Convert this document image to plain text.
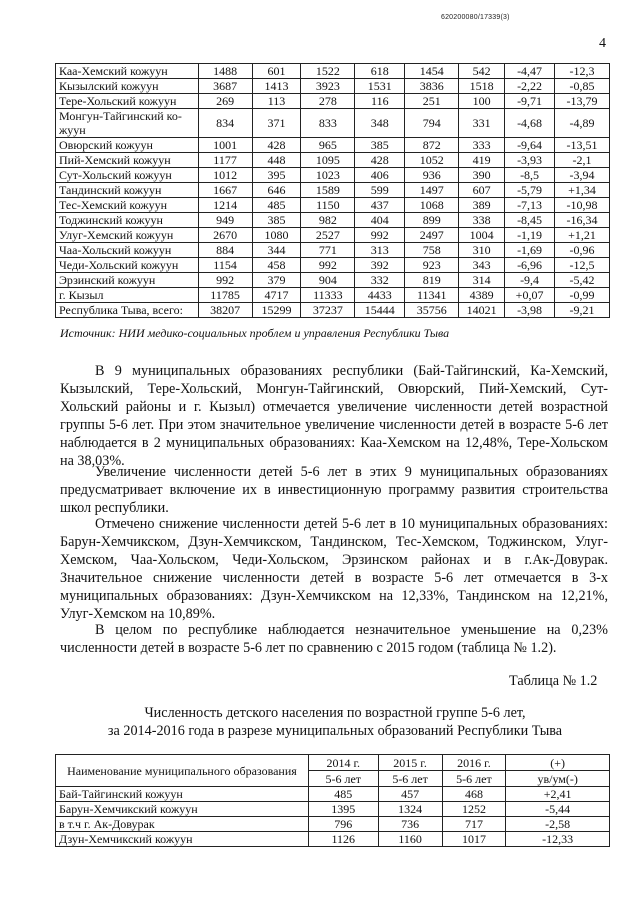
620200080/17339(3)
4
Каа-Хемский кожуун	1488	601	1522	618	1454	542	-4,47	-12,3
Кызылский кожуун	3687	1413	3923	1531	3836	1518	-2,22	-0,85
Тере-Хольский кожуун	269	113	278	116	251	100	-9,71	-13,79
Монгун-Тайгинский ко-жуун	834	371	833	348	794	331	-4,68	-4,89
Овюрский кожуун	1001	428	965	385	872	333	-9,64	-13,51
Пий-Хемский кожуун	1177	448	1095	428	1052	419	-3,93	-2,1
Сут-Хольский кожуун	1012	395	1023	406	936	390	-8,5	-3,94
Тандинский кожуун	1667	646	1589	599	1497	607	-5,79	+1,34
Тес-Хемский кожуун	1214	485	1150	437	1068	389	-7,13	-10,98
Тоджинский кожуун	949	385	982	404	899	338	-8,45	-16,34
Улуг-Хемский кожуун	2670	1080	2527	992	2497	1004	-1,19	+1,21
Чаа-Хольский кожуун	884	344	771	313	758	310	-1,69	-0,96
Чеди-Хольский кожуун	1154	458	992	392	923	343	-6,96	-12,5
Эрзинский кожуун	992	379	904	332	819	314	-9,4	-5,42
г. Кызыл	11785	4717	11333	4433	11341	4389	+0,07	-0,99
Республика Тыва, всего:	38207	15299	37237	15444	35756	14021	-3,98	-9,21
Источник: НИИ медико-социальных проблем и управления Республики Тыва

В 9 муниципальных образованиях республики (Бай-Тайгинский, Ка-Хемский, Кызылский, Тере-Хольский, Монгун-Тайгинский, Овюрский, Пий-Хемский, Сут-Хольский районы и г. Кызыл) отмечается увеличение численности детей возрастной группы 5-6 лет. При этом значительное увеличение численности детей в возрасте 5-6 лет наблюдается в 2 муниципальных образованиях: Каа-Хемском на 12,48%, Тере-Хольском на 38,03%.

Увеличение численности детей 5-6 лет в этих 9 муниципальных образованиях предусматривает включение их в инвестиционную программу развития строительства школ республики.

Отмечено снижение численности детей 5-6 лет в 10 муниципальных образованиях: Барун-Хемчикском, Дзун-Хемчикском, Тандинском, Тес-Хемском, Тоджинском, Улуг-Хемском, Чаа-Хольском, Чеди-Хольском, Эрзинском районах и в г.Ак-Довурак. Значительное снижение численности детей в возрасте 5-6 лет отмечается в 3-х муниципальных образованиях: Дзун-Хемчикском на 12,33%, Тандинском на 12,21%, Улуг-Хемском на 10,89%.

В целом по республике наблюдается незначительное уменьшение на 0,23% численности детей в возрасте 5-6 лет по сравнению с 2015 годом (таблица № 1.2).

Таблица № 1.2
Численность детского населения по возрастной группе 5-6 лет,
за 2014-2016 года в разрезе муниципальных образований Республики Тыва
Наименование муниципального образования	2014 г.	2015 г.	2016 г.	(+)
	5-6 лет	5-6 лет	5-6 лет	ув/ум(-)
Бай-Тайгинский кожуун	485	457	468	+2,41
Барун-Хемчикский кожуун	1395	1324	1252	-5,44
в т.ч г. Ак-Довурак	796	736	717	-2,58
Дзун-Хемчикский кожуун	1126	1160	1017	-12,33
